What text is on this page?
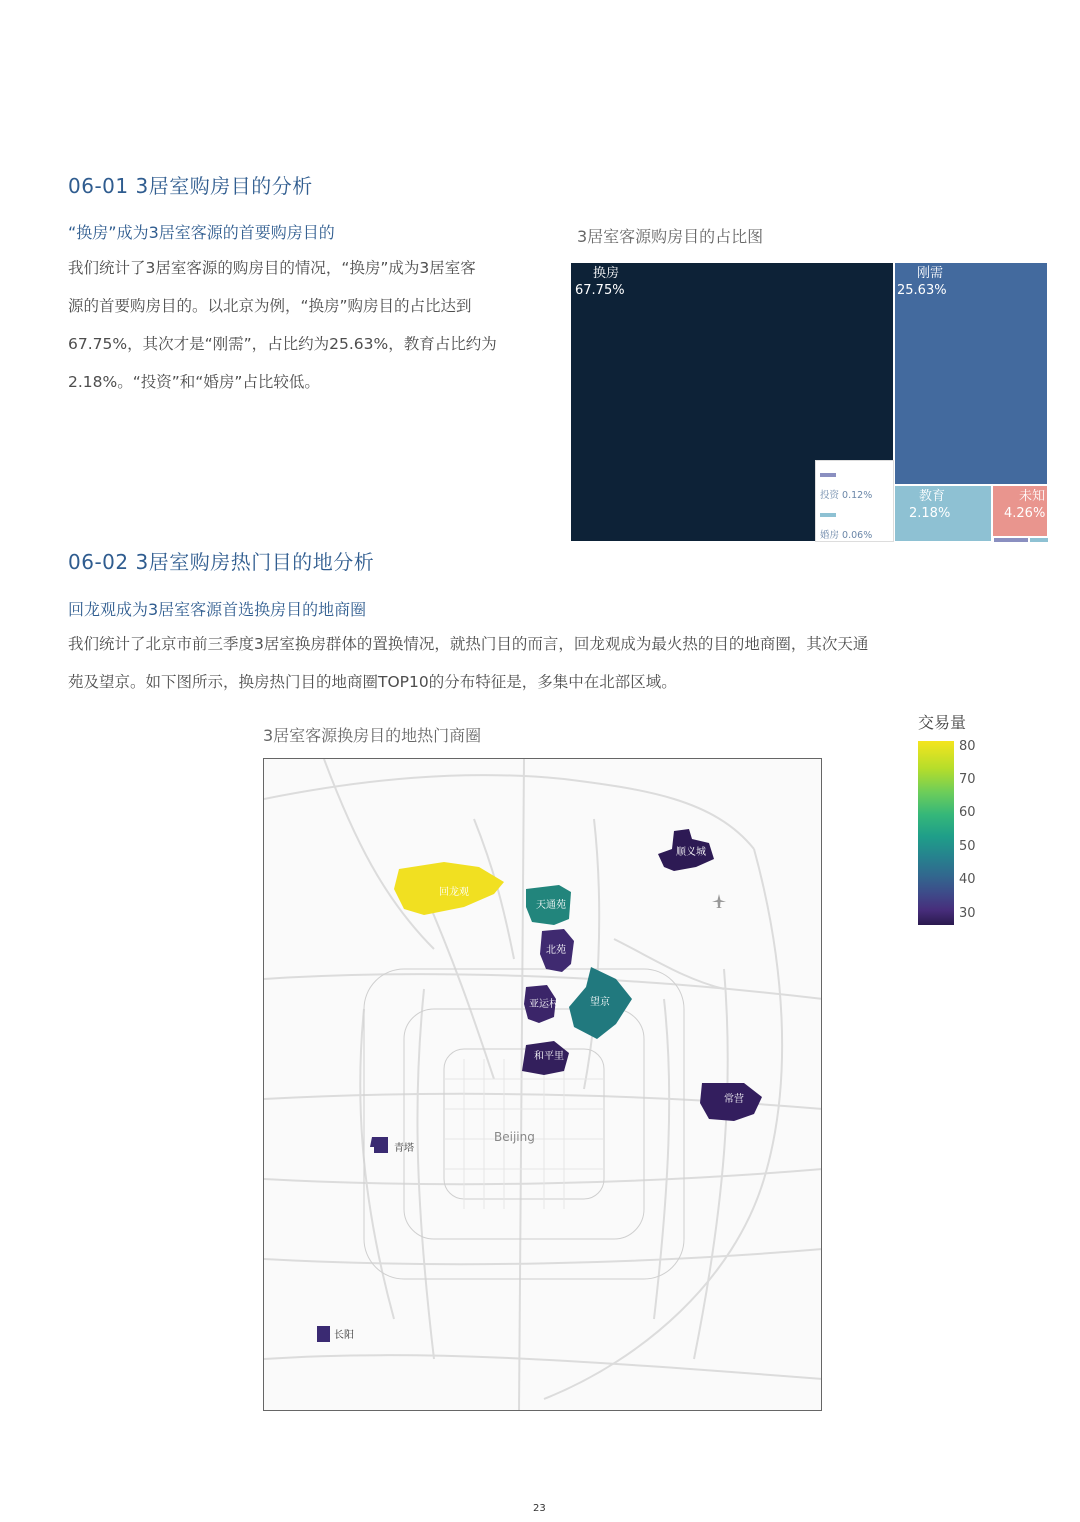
06-01 3居室购房目的分析
“换房”成为3居室客源的首要购房目的
我们统计了3居室客源的购房目的情况，“换房”成为3居室客
源的首要购房目的。以北京为例，“换房”购房目的占比达到
67.75%，其次才是“刚需”，占比约为25.63%，教育占比约为
2.18%。“投资”和“婚房”占比较低。
3居室客源购房目的占比图
换房
67.75%
投资 0.12%
婚房 0.06%
刚需
25.63%
教育
2.18%
未知
4.26%
06-02 3居室购房热门目的地分析
回龙观成为3居室客源首选换房目的地商圈
我们统计了北京市前三季度3居室换房群体的置换情况，就热门目的而言，回龙观成为最火热的目的地商圈，其次天通
苑及望京。如下图所示，换房热门目的地商圈TOP10的分布特征是，多集中在北部区域。
3居室客源换房目的地热门商圈
回龙观
天通苑
北苑
亚运村	望京
和平里
顺义城
常营
青塔
长阳
Beijing
交易量
80
70
60
50
40
30
23
